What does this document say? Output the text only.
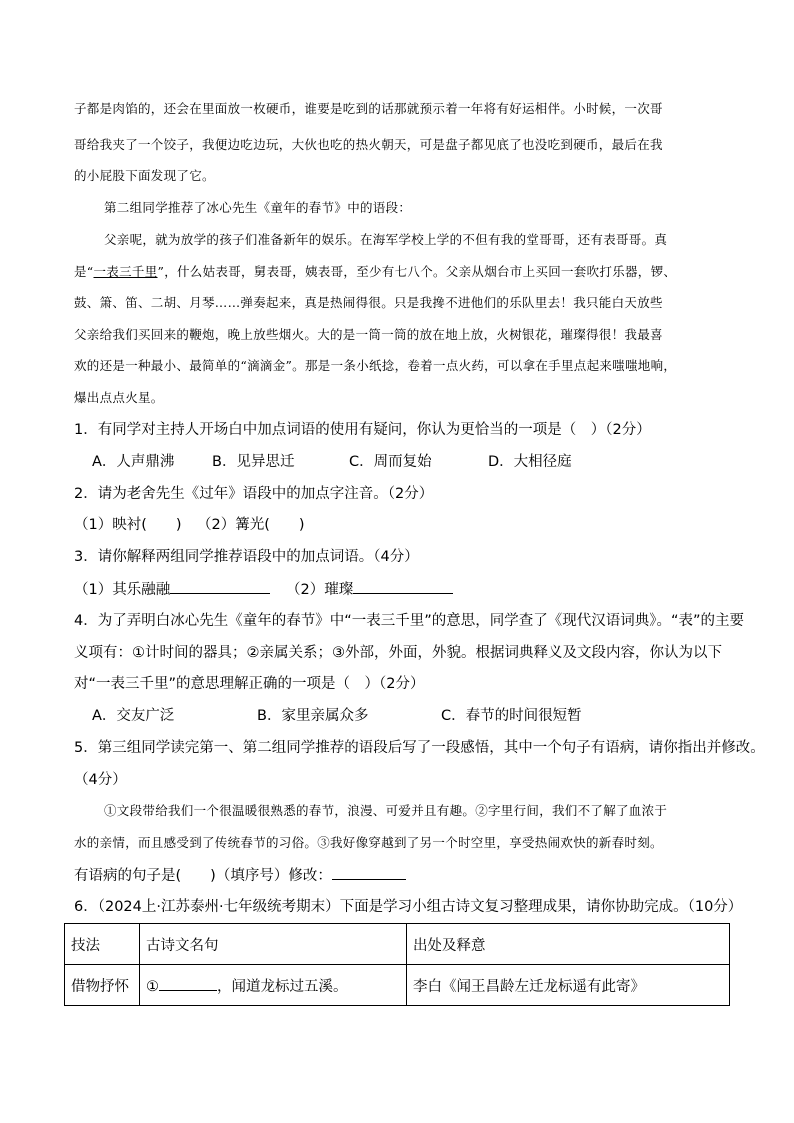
子都是肉馅的，还会在里面放一枚硬币，谁要是吃到的话那就预示着一年将有好运相伴。小时候，一次哥
哥给我夹了一个饺子，我便边吃边玩，大伙也吃的热火朝天，可是盘子都见底了也没吃到硬币，最后在我
的小屁股下面发现了它。
第二组同学推荐了冰心先生《童年的春节》中的语段：
父亲呢，就为放学的孩子们准备新年的娱乐。在海军学校上学的不但有我的堂哥哥，还有表哥哥。真
是“一表三千里”，什么姑表哥，舅表哥，姨表哥，至少有七八个。父亲从烟台市上买回一套吹打乐器，锣、
鼓、箫、笛、二胡、月琴……弹奏起来，真是热闹得很。只是我搀不进他们的乐队里去！我只能白天放些
父亲给我们买回来的鞭炮，晚上放些烟火。大的是一筒一筒的放在地上放，火树银花，璀璨得很！我最喜
欢的还是一种最小、最简单的“滴滴金”。那是一条小纸捻，卷着一点火药，可以拿在手里点起来嗤嗤地响，
爆出点点火星。
1．有同学对主持人开场白中加点词语的使用有疑问，你认为更恰当的一项是（　）（2分）
A．人声鼎沸	B．见异思迁	C．周而复始	D．大相径庭
2．请为老舍先生《过年》语段中的加点字注音。（2分）
（1）映衬(　　) （2）篝光(　　)
3．请你解释两组同学推荐语段中的加点词语。（4分）
（1）其乐融融	（2）璀璨
4．为了弄明白冰心先生《童年的春节》中“一表三千里”的意思，同学查了《现代汉语词典》。“表”的主要
义项有：①计时间的器具；②亲属关系；③外部，外面，外貌。根据词典释义及文段内容，你认为以下
对“一表三千里”的意思理解正确的一项是（　）（2分）
A．交友广泛	B．家里亲属众多	C．春节的时间很短暂
5．第三组同学读完第一、第二组同学推荐的语段后写了一段感悟，其中一个句子有语病，请你指出并修改。
（4分）
①文段带给我们一个很温暖很熟悉的春节，浪漫、可爱并且有趣。②字里行间，我们不了解了血浓于
水的亲情，而且感受到了传统春节的习俗。③我好像穿越到了另一个时空里，享受热闹欢快的新春时刻。
有语病的句子是(　　)（填序号）修改：
6．（2024上·江苏泰州·七年级统考期末）下面是学习小组古诗文复习整理成果，请你协助完成。（10分）
技法	古诗文名句	出处及释意
借物抒怀	① ，闻道龙标过五溪。	李白《闻王昌龄左迁龙标遥有此寄》
